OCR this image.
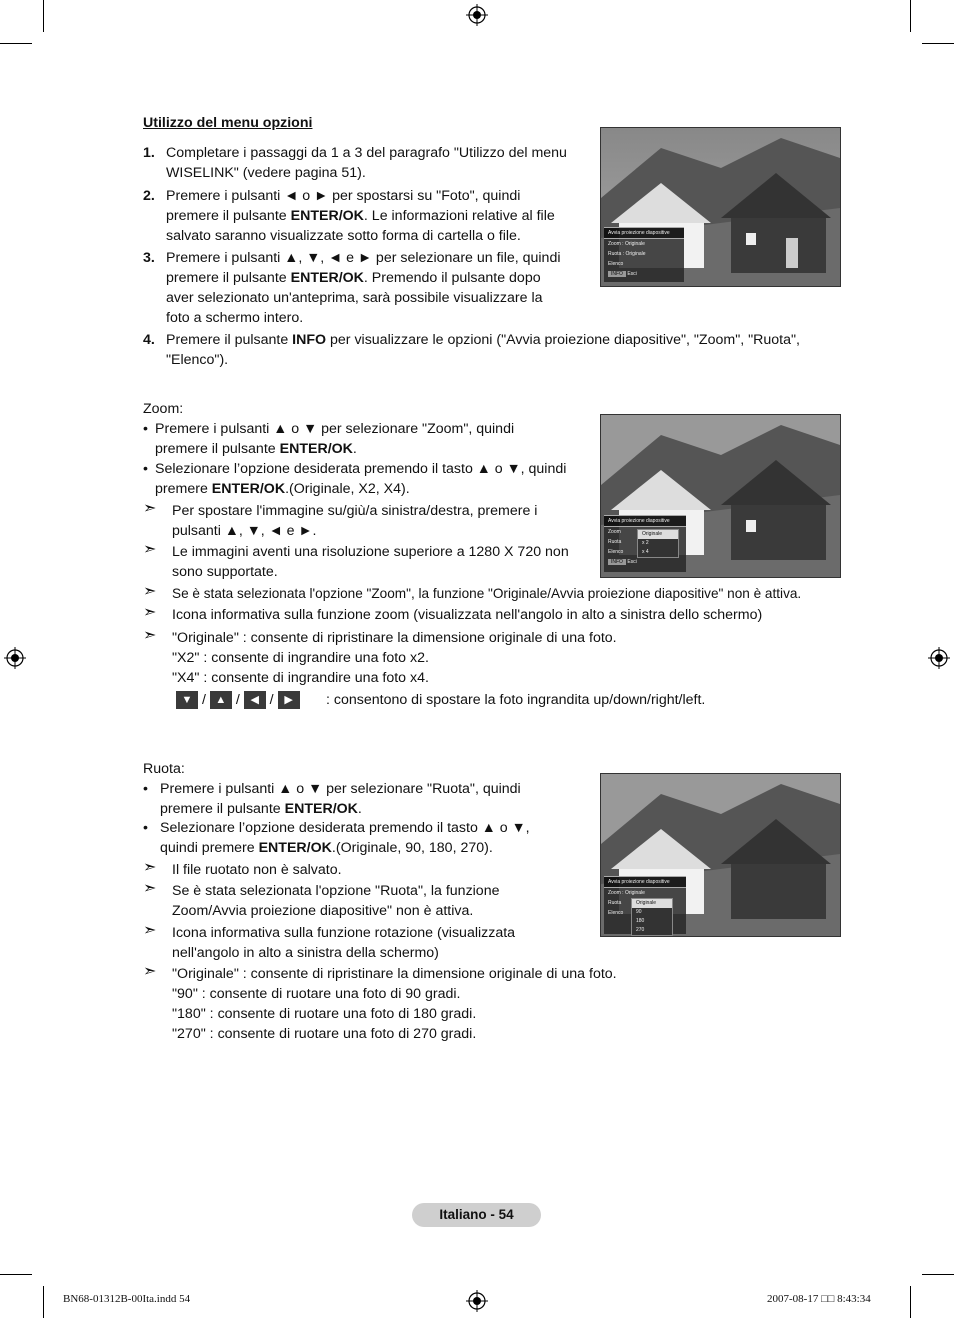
Utilizzo del menu opzioni
1. Completare i passaggi da 1 a 3 del paragrafo "Utilizzo del menu
WISELINK" (vedere pagina 51).
2. Premere i pulsanti ◄ o ► per spostarsi su "Foto", quindi
premere il pulsante ENTER/OK. Le informazioni relative al file
salvato saranno visualizzate sotto forma di cartella o file.
3. Premere i pulsanti ▲, ▼, ◄ e ► per selezionare un file, quindi
premere il pulsante ENTER/OK. Premendo il pulsante dopo
aver selezionato un'anteprima, sarà possibile visualizzare la
foto a schermo intero.
4. Premere il pulsante INFO per visualizzare le opzioni ("Avvia proiezione diapositive", "Zoom", "Ruota",
"Elenco").
Zoom:
• Premere i pulsanti ▲ o ▼ per selezionare "Zoom", quindi
premere il pulsante ENTER/OK.
• Selezionare l’opzione desiderata premendo il tasto ▲ o ▼, quindi
premere ENTER/OK.(Originale, X2, X4).
➣ Per spostare l'immagine su/giù/a sinistra/destra, premere i
pulsanti ▲, ▼, ◄ e ►.
➣ Le immagini aventi una risoluzione superiore a 1280 X 720 non
sono supportate.
➣ Se è stata selezionata l'opzione "Zoom", la funzione "Originale/Avvia proiezione diapositive" non è attiva.
➣ Icona informativa sulla funzione zoom (visualizzata nell'angolo in alto a sinistra dello schermo)
➣ "Originale" : consente di ripristinare la dimensione originale di una foto.
"X2" : consente di ingrandire una foto x2.
"X4" : consente di ingrandire una foto x4.
▼ / ▲ / ◀ / ▶	: consentono di spostare la foto ingrandita up/down/right/left.
Ruota:
• Premere i pulsanti ▲ o ▼ per selezionare "Ruota", quindi
premere il pulsante ENTER/OK.
• Selezionare l’opzione desiderata premendo il tasto ▲ o ▼,
quindi premere ENTER/OK.(Originale, 90, 180, 270).
➣ Il file ruotato non è salvato.
➣ Se è stata selezionata l'opzione "Ruota", la funzione
Zoom/Avvia proiezione diapositive" non è attiva.
➣ Icona informativa sulla funzione rotazione (visualizzata
nell'angolo in alto a sinistra della schermo)
➣ "Originale" : consente di ripristinare la dimensione originale di una foto.
"90" : consente di ruotare una foto di 90 gradi.
"180" : consente di ruotare una foto di 180 gradi.
"270" : consente di ruotare una foto di 270 gradi.
Avvia proiezione diapositive
Zoom : Originale
Ruota : Originale
Elenco
INFO Esci
Avvia proiezione diapositive
Zoom
Ruota
Elenco
INFO Esci
Originale
x 2
x 4
Avvia proiezione diapositive
Zoom : Originale
Ruota
Elenco
Originale
90
180
270
Italiano - 54
BN68-01312B-00Ita.indd 54	2007-08-17 □□ 8:43:34
